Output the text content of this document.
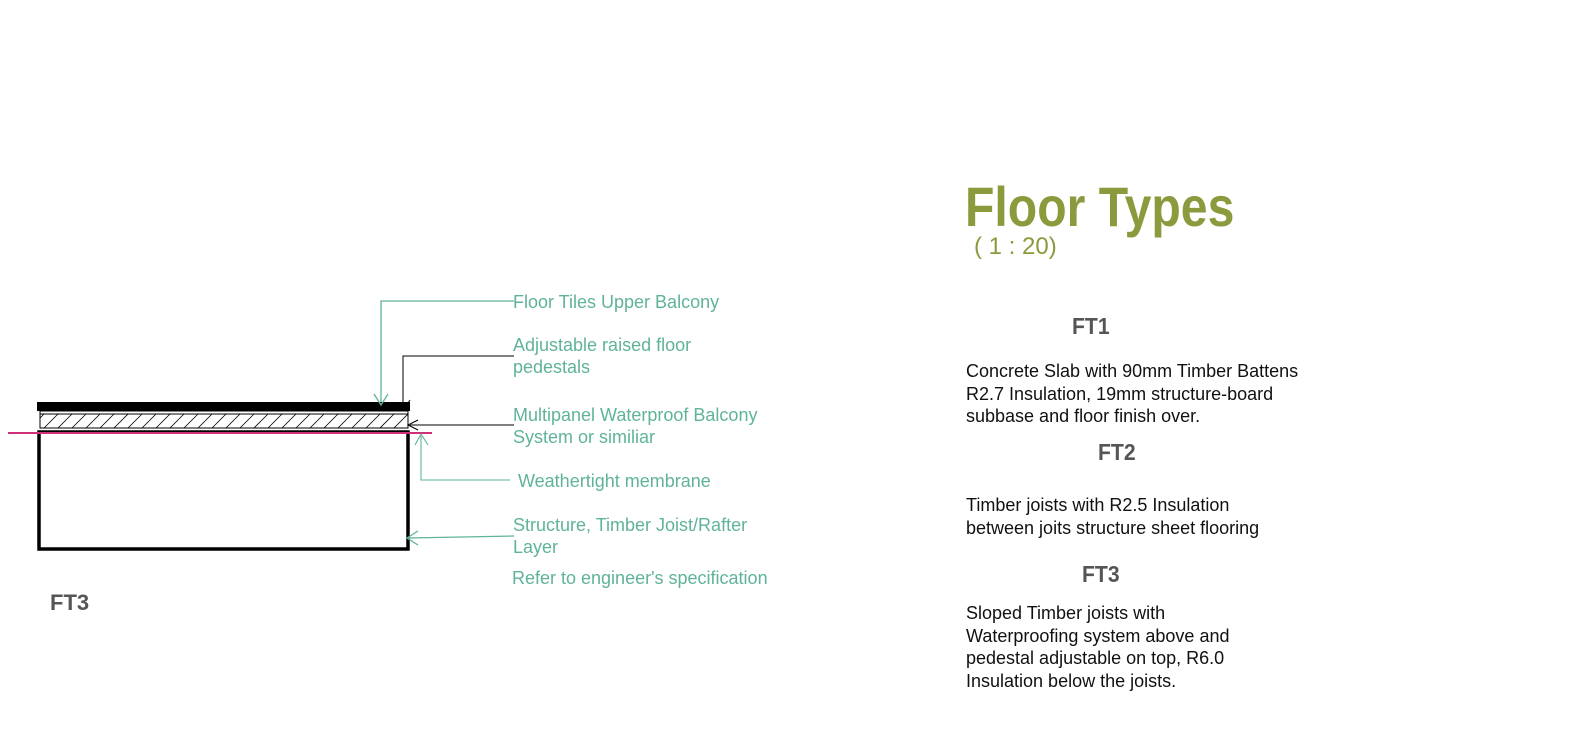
Floor Tiles Upper Balcony
Adjustable raised floor pedestals
Multipanel Waterproof Balcony System or similiar
Weathertight membrane
Structure, Timber Joist/Rafter Layer
Refer to engineer's specification
FT3
Floor Types
( 1 : 20)
FT1
Concrete Slab with 90mm Timber Battens
R2.7 Insulation, 19mm structure-board
subbase and floor finish over.
FT2
Timber joists with R2.5 Insulation
between joits structure sheet flooring
FT3
Sloped Timber joists with
Waterproofing system above and
pedestal adjustable on top, R6.0
Insulation below the joists.
